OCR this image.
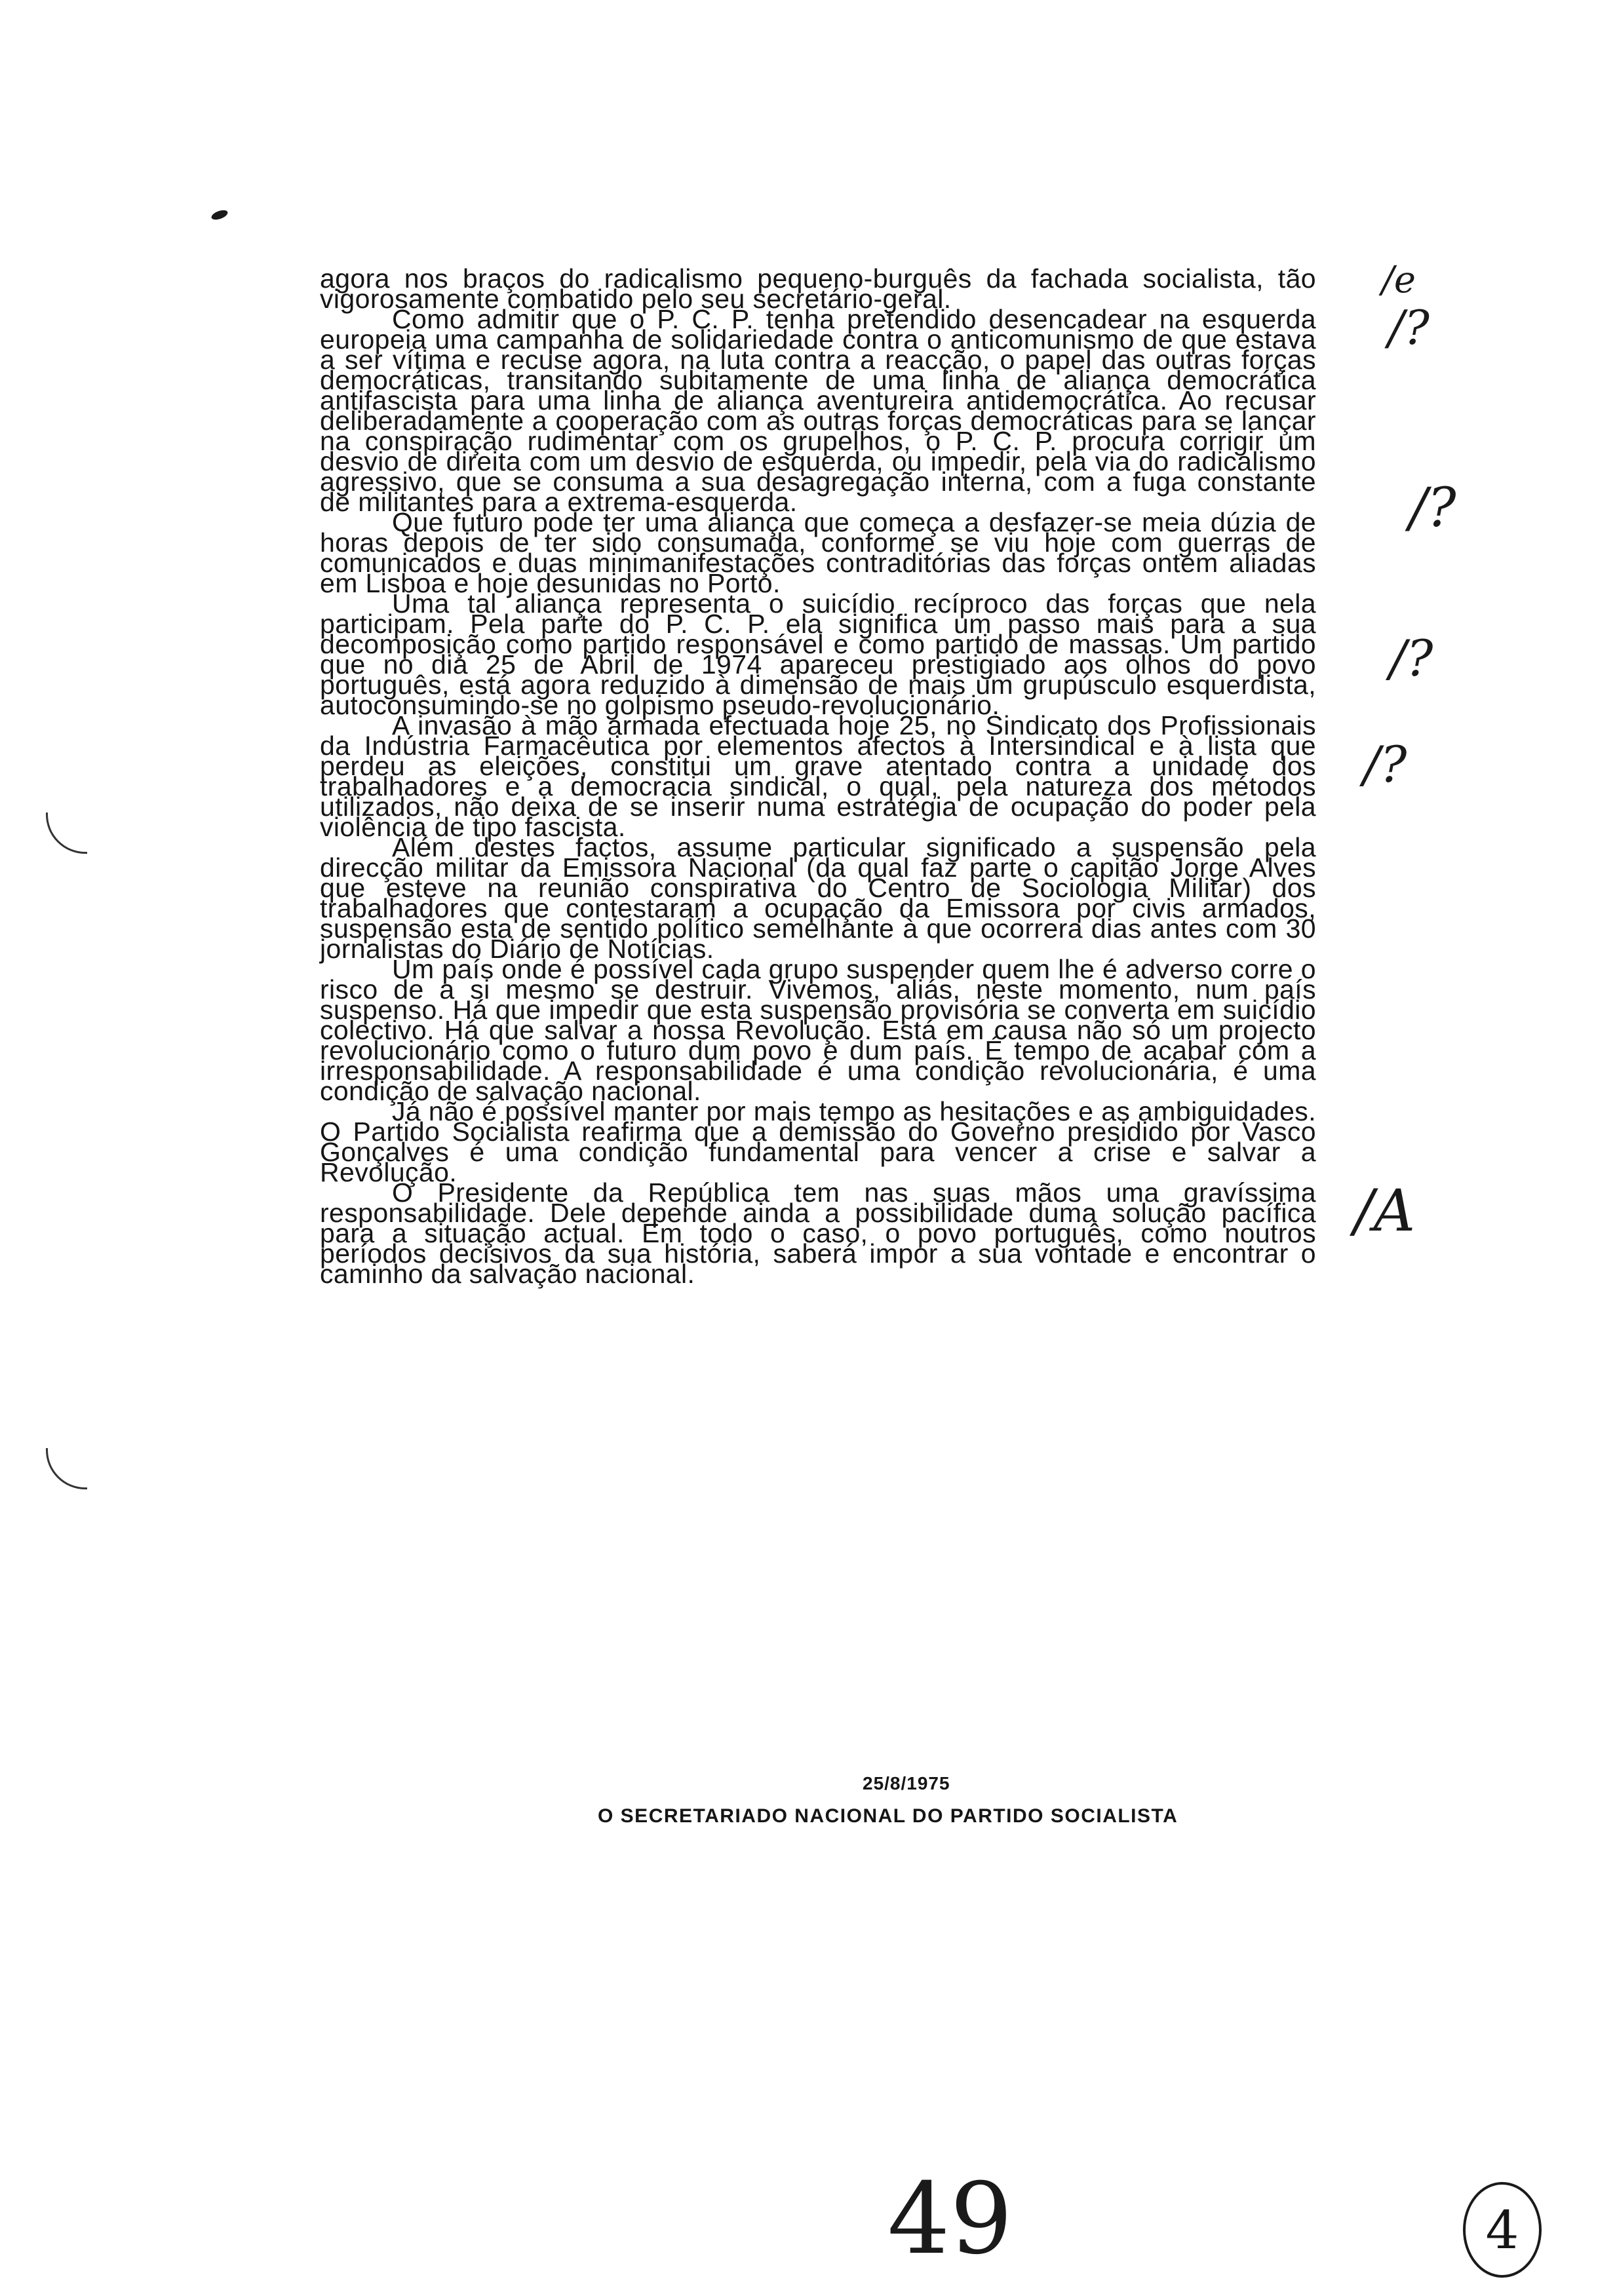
agora nos braços do radicalismo pequeno-burguês da fachada socialista, tão vigorosamente combatido pelo seu secretário-geral.

Como admitir que o P. C. P. tenha pretendido desencadear na esquerda europeia uma campanha de solidariedade contra o anticomunismo de que estava a ser vítima e recuse agora, na luta contra a reacção, o papel das outras forças democráticas, transitando subitamente de uma linha de aliança democrática antifascista para uma linha de aliança aventureira antidemocrática. Ao recusar deliberadamente a cooperação com as outras forças democráticas para se lançar na conspiração rudimentar com os grupelhos, o P. C. P. procura corrigir um desvio de direita com um desvio de esquerda, ou impedir, pela via do radicalismo agressivo, que se consuma a sua desagregação interna, com a fuga constante de militantes para a extrema-esquerda.

Que futuro pode ter uma aliança que começa a desfazer-se meia dúzia de horas depois de ter sido consumada, conforme se viu hoje com guerras de comunicados e duas minimanifestações contraditórias das forças ontem aliadas em Lisboa e hoje desunidas no Porto.

Uma tal aliança representa o suicídio recíproco das forças que nela participam. Pela parte do P. C. P. ela significa um passo mais para a sua decomposição como partido responsável e como partido de massas. Um partido que no dia 25 de Abril de 1974 apareceu prestigiado aos olhos do povo português, está agora reduzido à dimensão de mais um grupúsculo esquerdista, autoconsumindo-se no golpismo pseudo-revolucionário.

A invasão à mão armada efectuada hoje 25, no Sindicato dos Profissionais da Indústria Farmacêutica por elementos afectos à Intersindical e à lista que perdeu as eleições, constitui um grave atentado contra a unidade dos trabalhadores e a democracia sindical, o qual, pela natureza dos métodos utilizados, não deixa de se inserir numa estratégia de ocupação do poder pela violência de tipo fascista.

Além destes factos, assume particular significado a suspensão pela direcção militar da Emissora Nacional (da qual faz parte o capitão Jorge Alves que esteve na reunião conspirativa do Centro de Sociologia Militar) dos trabalhadores que contestaram a ocupação da Emissora por civis armados, suspensão esta de sentido político semelhante à que ocorrera dias antes com 30 jornalistas do Diário de Notícias.

Um país onde é possível cada grupo suspender quem lhe é adverso corre o risco de a si mesmo se destruir. Vivemos, aliás, neste momento, num país suspenso. Há que impedir que esta suspensão provisória se converta em suicídio colectivo. Há que salvar a nossa Revolução. Está em causa não só um projecto revolucionário como o futuro dum povo e dum país. É tempo de acabar com a irresponsabilidade. A responsabilidade é uma condição revolucionária, é uma condição de salvação nacional.

Já não é possível manter por mais tempo as hesitações e as ambiguidades. O Partido Socialista reafirma que a demissão do Governo presidido por Vasco Gonçalves é uma condição fundamental para vencer a crise e salvar a Revolução.

O Presidente da República tem nas suas mãos uma gravíssima responsabilidade. Dele depende ainda a possibilidade duma solução pacífica para a situação actual. Em todo o caso, o povo português, como noutros períodos decisivos da sua história, saberá impor a sua vontade e encontrar o caminho da salvação nacional.

25/8/1975
O SECRETARIADO NACIONAL DO PARTIDO SOCIALISTA
/e
/?
/?
/?
/?
/A
49	4
